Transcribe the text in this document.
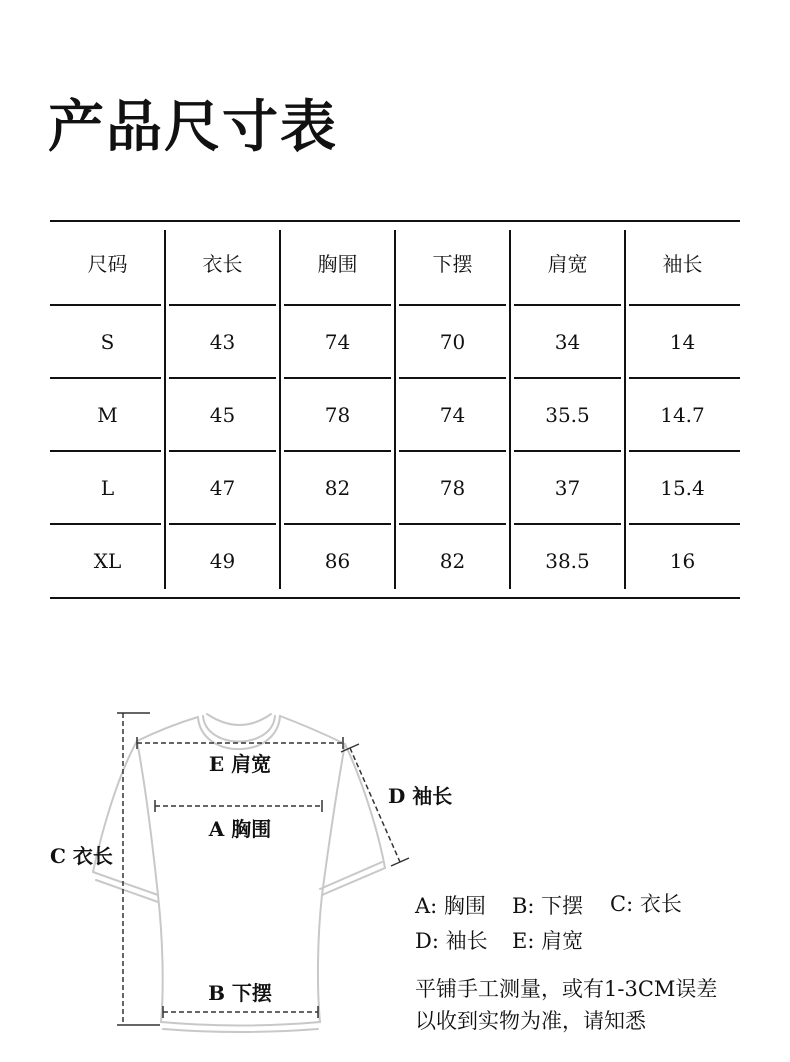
产品尺寸表
尺码	衣长	胸围	下摆	肩宽	袖长
S	43	74	70	34	14
M	45	78	74	35.5	14.7
L	47	82	78	37	15.4
XL	49	86	82	38.5	16
E 肩宽
A 胸围
D 袖长
C 衣长
B 下摆
A: 胸围 B: 下摆 C: 衣长
D: 袖长 E: 肩宽
平铺手工测量，或有1-3CM误差
以收到实物为准，请知悉
